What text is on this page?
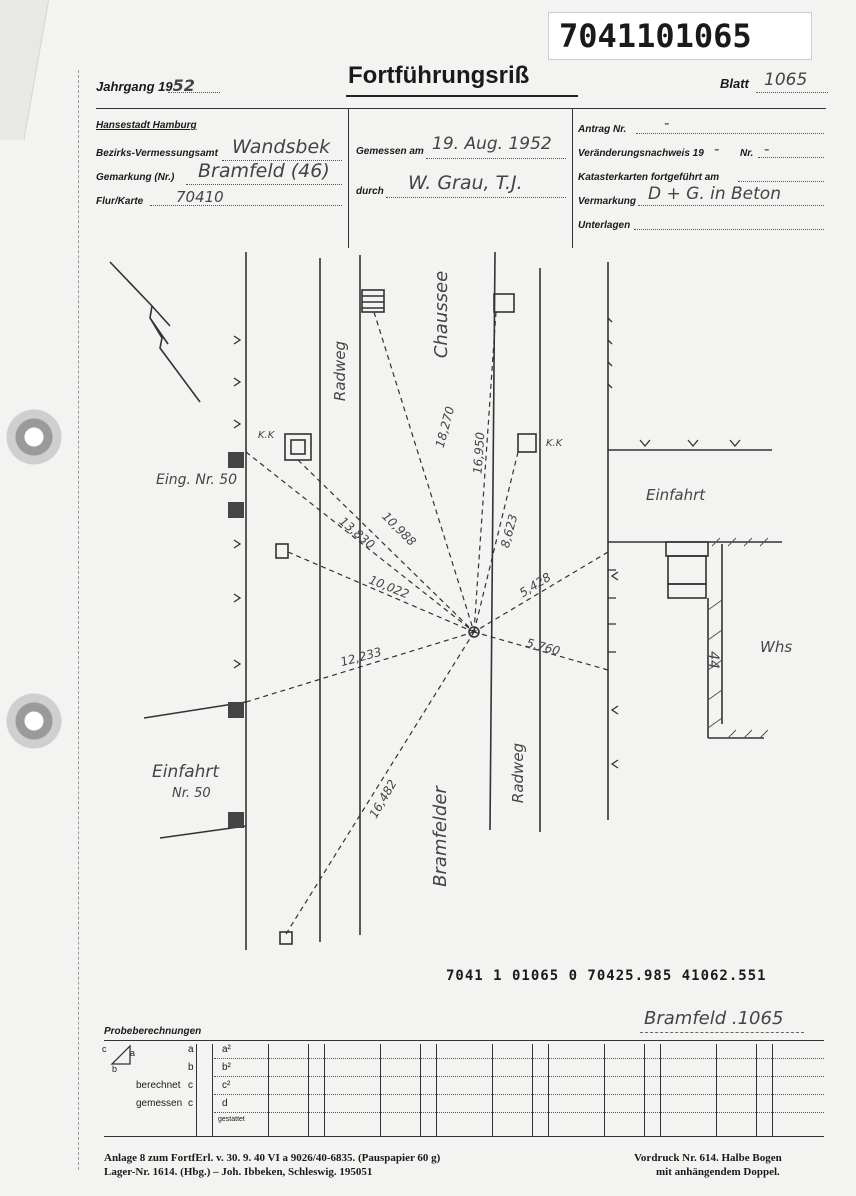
7041101065
Jahrgang 1952	Fortführungsriß	Blatt 1065
Hansestadt Hamburg
Bezirks-Vermessungsamt Wandsbek
Gemarkung (Nr.) Bramfeld (46)
Flur/Karte 70410
Gemessen am 19. Aug. 1952
durch W. Grau, T.J.
Antrag Nr.	-
Veränderungsnachweis 19 - Nr. -
Katasterkarten fortgeführt am
Vermarkung D + G. in Beton
Unterlagen
Radweg
Chaussee
Bramfelder
Radweg
K.K
K.K
Eing. Nr. 50
Einfahrt
Whs
44
Einfahrt
Nr. 50
18,270
16,950
10,988
13,830	8,623
10,022	5,428
12,233	5,760
16,482
7041 1 01065 0 70425.985 41062.551
Bramfeld .1065
Probeberechnungen
c	a
b
a	a²
b	b²
berechnet c	c²
gemessen c	d
gestattet
Anlage 8 zum FortfErl. v. 30. 9. 40 VI a 9026/40-6835. (Pauspapier 60 g)
Lager-Nr. 1614. (Hbg.) – Joh. Ibbeken, Schleswig. 195051
Vordruck Nr. 614. Halbe Bogen
mit anhängendem Doppel.
